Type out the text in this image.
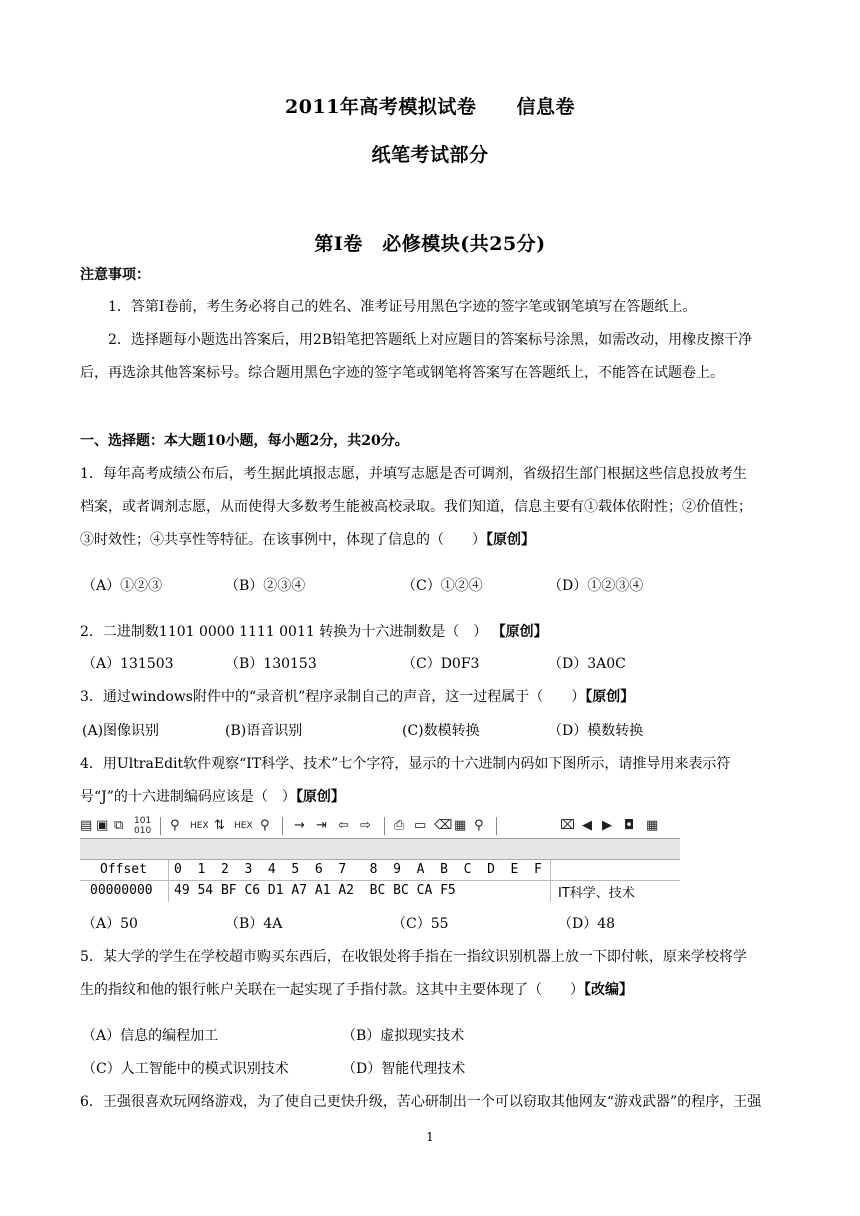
2011年高考模拟试卷 信息卷
纸笔考试部分
第Ⅰ卷　必修模块(共25分)
注意事项：
1．答第Ⅰ卷前，考生务必将自己的姓名、准考证号用黑色字迹的签字笔或钢笔填写在答题纸上。
2．选择题每小题选出答案后，用2B铅笔把答题纸上对应题目的答案标号涂黑，如需改动，用橡皮擦干净
后，再选涂其他答案标号。综合题用黑色字迹的签字笔或钢笔将答案写在答题纸上，不能答在试题卷上。
一、选择题：本大题10小题，每小题2分，共20分。
1．每年高考成绩公布后，考生据此填报志愿，并填写志愿是否可调剂，省级招生部门根据这些信息投放考生
档案，或者调剂志愿，从而使得大多数考生能被高校录取。我们知道，信息主要有①载体依附性；②价值性；
③时效性；④共享性等特征。在该事例中，体现了信息的（　　）【原创】
（A）①②③	（B）②③④	（C）①②④	（D）①②③④
2．二进制数1101 0000 1111 0011 转换为十六进制数是（　） 【原创】
（A）131503	（B）130153	（C）D0F3	（D）3A0C
3．通过windows附件中的“录音机”程序录制自己的声音，这一过程属于（　　）【原创】
(A)图像识别	(B)语音识别	(C)数模转换	（D）模数转换
4．用UltraEdit软件观察“IT科学、技术”七个字符，显示的十六进制内码如下图所示，请推导用来表示符
号“J”的十六进制编码应该是（　）【原创】
▤ ▣ ⧉ 101
010 ⚲ HEX ⇅ HEX ⚲ → ⇥ ⇦ ⇨ ⎙ ▭ ⌫ ▦ ⚲	⌧ ◀ ▶ ◘ ▦
Offset 0  1  2  3  4  5  6  7   8  9  A  B  C  D  E  F
00000000 49 54 BF C6 D1 A7 A1 A2  BC BC CA F5	IT科学、技术
（A）50	（B）4A	（C）55	（D）48
5．某大学的学生在学校超市购买东西后，在收银处将手指在一指纹识别机器上放一下即付帐，原来学校将学
生的指纹和他的银行帐户关联在一起实现了手指付款。这其中主要体现了（　　）【改编】
（A）信息的编程加工	（B）虚拟现实技术
（C）人工智能中的模式识别技术	（D）智能代理技术
6．王强很喜欢玩网络游戏，为了使自己更快升级，苦心研制出一个可以窃取其他网友“游戏武器”的程序，王强
1
